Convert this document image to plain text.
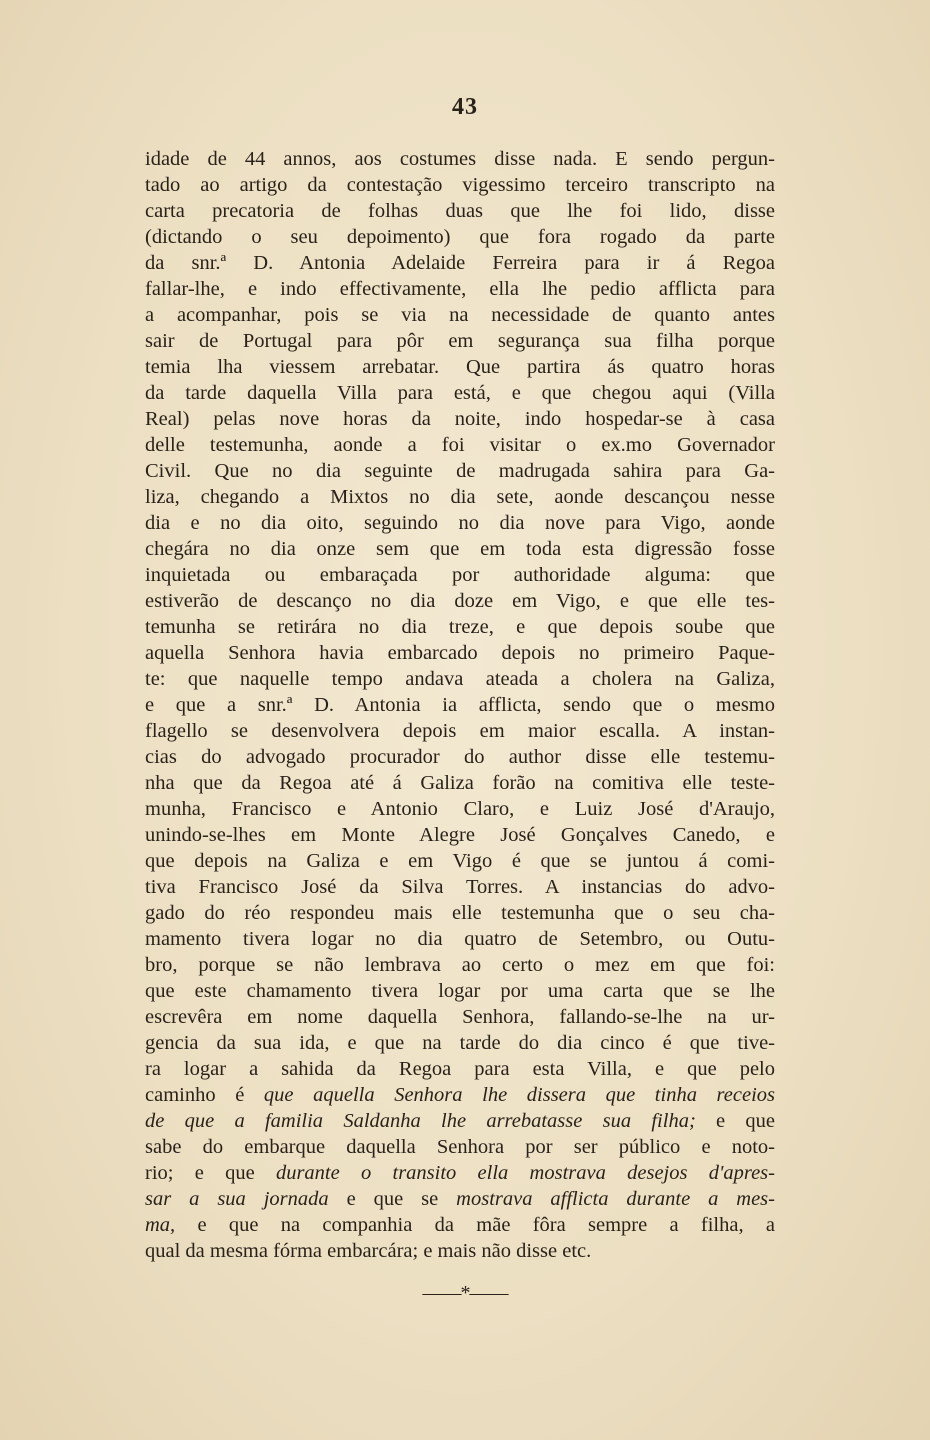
43
idade de 44 annos, aos costumes disse nada. E sendo pergun-
tado ao artigo da contestação vigessimo terceiro transcripto na
carta precatoria de folhas duas que lhe foi lido, disse
(dictando o seu depoimento) que fora rogado da parte
da snr.ª D. Antonia Adelaide Ferreira para ir á Regoa
fallar-lhe, e indo effectivamente, ella lhe pedio afflicta para
a acompanhar, pois se via na necessidade de quanto antes
sair de Portugal para pôr em segurança sua filha porque
temia lha viessem arrebatar. Que partira ás quatro horas
da tarde daquella Villa para está, e que chegou aqui (Villa
Real) pelas nove horas da noite, indo hospedar-se à casa
delle testemunha, aonde a foi visitar o ex.mo Governador
Civil. Que no dia seguinte de madrugada sahira para Ga-
liza, chegando a Mixtos no dia sete, aonde descançou nesse
dia e no dia oito, seguindo no dia nove para Vigo, aonde
chegára no dia onze sem que em toda esta digressão fosse
inquietada ou embaraçada por authoridade alguma: que
estiverão de descanço no dia doze em Vigo, e que elle tes-
temunha se retirára no dia treze, e que depois soube que
aquella Senhora havia embarcado depois no primeiro Paque-
te: que naquelle tempo andava ateada a cholera na Galiza,
e que a snr.ª D. Antonia ia afflicta, sendo que o mesmo
flagello se desenvolvera depois em maior escalla. A instan-
cias do advogado procurador do author disse elle testemu-
nha que da Regoa até á Galiza forão na comitiva elle teste-
munha, Francisco e Antonio Claro, e Luiz José d'Araujo,
unindo-se-lhes em Monte Alegre José Gonçalves Canedo, e
que depois na Galiza e em Vigo é que se juntou á comi-
tiva Francisco José da Silva Torres. A instancias do advo-
gado do réo respondeu mais elle testemunha que o seu cha-
mamento tivera logar no dia quatro de Setembro, ou Outu-
bro, porque se não lembrava ao certo o mez em que foi:
que este chamamento tivera logar por uma carta que se lhe
escrevêra em nome daquella Senhora, fallando-se-lhe na ur-
gencia da sua ida, e que na tarde do dia cinco é que tive-
ra logar a sahida da Regoa para esta Villa, e que pelo
caminho é que aquella Senhora lhe dissera que tinha receios
de que a familia Saldanha lhe arrebatasse sua filha; e que
sabe do embarque daquella Senhora por ser público e noto-
rio; e que durante o transito ella mostrava desejos d'apres-
sar a sua jornada e que se mostrava afflicta durante a mes-
ma, e que na companhia da mãe fôra sempre a filha, a
qual da mesma fórma embarcára; e mais não disse etc.
——*——
